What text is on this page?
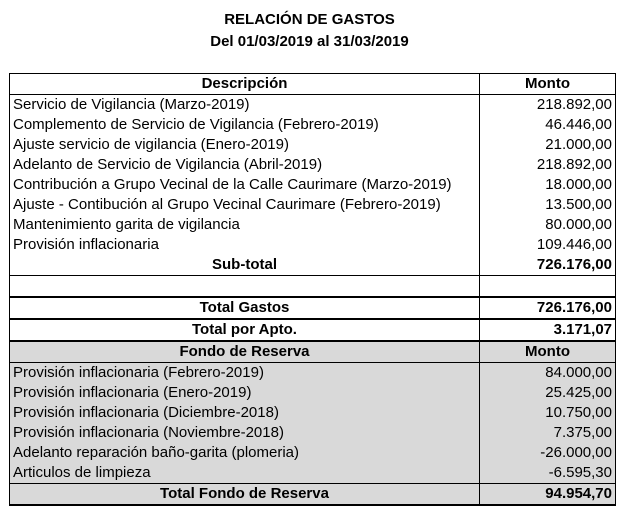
RELACIÓN DE GASTOS
Del 01/03/2019 al 31/03/2019
Descripción	Monto
Servicio de Vigilancia (Marzo-2019)	218.892,00
Complemento de Servicio de Vigilancia (Febrero-2019)	46.446,00
Ajuste servicio de vigilancia (Enero-2019)	21.000,00
Adelanto de Servicio de Vigilancia (Abril-2019)	218.892,00
Contribución a Grupo Vecinal de la Calle Caurimare (Marzo-2019)	18.000,00
Ajuste - Contibución al Grupo Vecinal Caurimare (Febrero-2019)	13.500,00
Mantenimiento garita de vigilancia	80.000,00
Provisión inflacionaria	109.446,00
Sub-total	726.176,00

Total Gastos	726.176,00
Total por Apto.	3.171,07
Fondo de Reserva	Monto
Provisión inflacionaria (Febrero-2019)	84.000,00
Provisión inflacionaria (Enero-2019)	25.425,00
Provisión inflacionaria (Diciembre-2018)	10.750,00
Provisión inflacionaria (Noviembre-2018)	7.375,00
Adelanto reparación baño-garita (plomeria)	-26.000,00
Articulos de limpieza	-6.595,30
Total Fondo de Reserva	94.954,70
